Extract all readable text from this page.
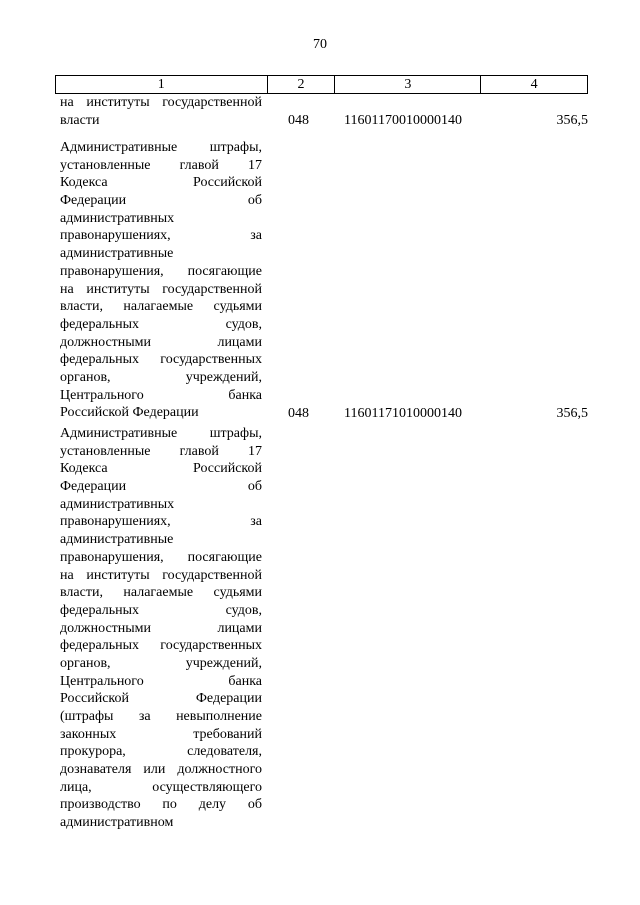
70
1	2	3	4
на институты государственной
власти	048	11601170010000140	356,5
Административные штрафы,
установленные главой 17
Кодекса	Российской
Федерации	об
административных
правонарушениях,	за
административные
правонарушения, посягающие
на институты государственной
власти, налагаемые судьями
федеральных	судов,
должностными	лицами
федеральных государственных
органов,	учреждений,
Центрального	банка
Российской Федерации	048	11601171010000140	356,5
Административные штрафы,
установленные главой 17
Кодекса	Российской
Федерации	об
административных
правонарушениях,	за
административные
правонарушения, посягающие
на институты государственной
власти, налагаемые судьями
федеральных	судов,
должностными	лицами
федеральных государственных
органов,	учреждений,
Центрального	банка
Российской	Федерации
(штрафы за невыполнение
законных	требований
прокурора,	следователя,
дознавателя или должностного
лица,	осуществляющего
производство по делу об
административном
